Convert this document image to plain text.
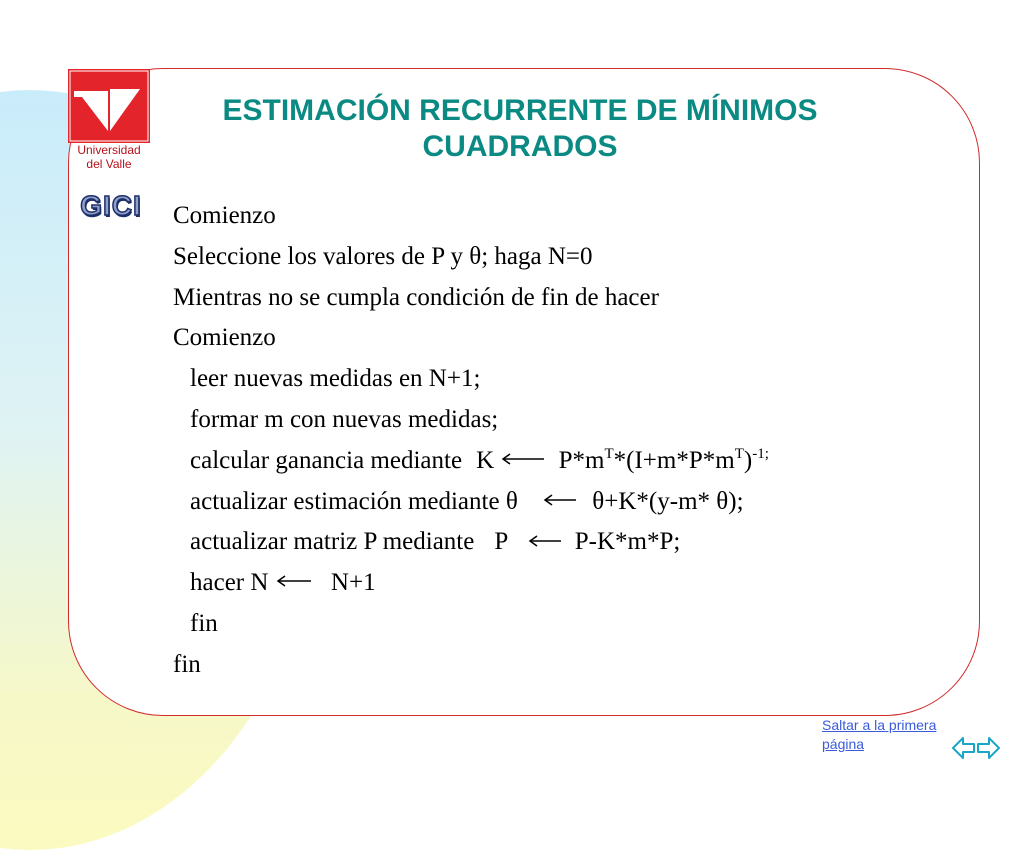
Universidad
del Valle
GICI
ESTIMACIÓN RECURRENTE DE MÍNIMOS
CUADRADOS
Comienzo
Seleccione los valores de P y θ; haga N=0
Mientras no se cumpla condición de fin de hacer
Comienzo
leer nuevas medidas en N+1;
formar m con nuevas medidas;
calcular ganancia mediante K	$P*m^T*(I+m*P*m^T)^{-1;}$
actualizar estimación mediante θ	θ+K*(y-m* θ);
actualizar matriz P mediante P	P-K*m*P;
hacer N	N+1
fin
fin
Saltar a la primera página
